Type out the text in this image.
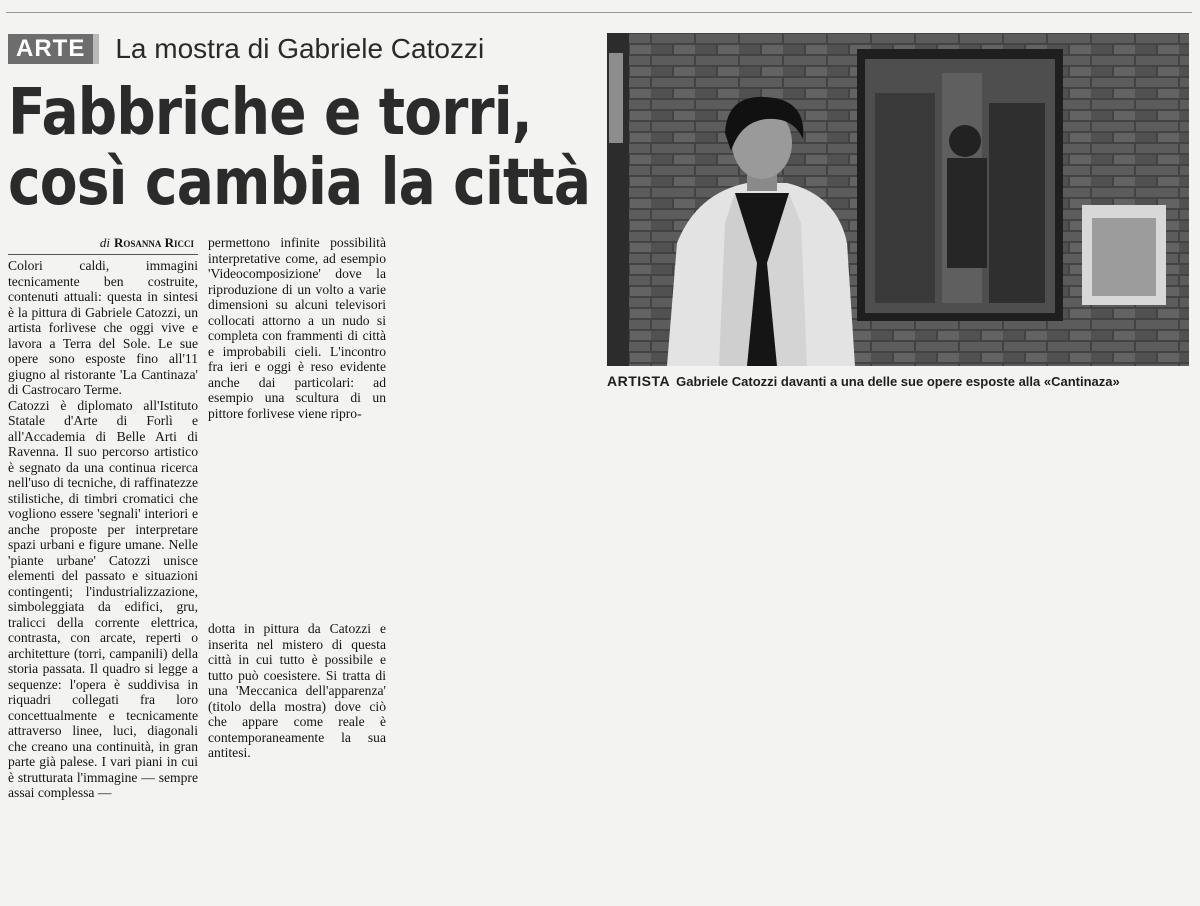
ARTE	La mostra di Gabriele Catozzi
Fabbriche e torri,
così cambia la città
di Rosanna Ricci

Colori caldi, immagini tecnicamente ben costruite, contenuti attuali: questa in sintesi è la pittura di Gabriele Catozzi, un artista forlivese che oggi vive e lavora a Terra del Sole. Le sue opere sono esposte fino all'11 giugno al ristorante 'La Cantinaza' di Castrocaro Terme.
Catozzi è diplomato all'Istituto Statale d'Arte di Forlì e all'Accademia di Belle Arti di Ravenna. Il suo percorso artistico è segnato da una continua ricerca nell'uso di tecniche, di raffinatezze stilistiche, di timbri cromatici che vogliono essere 'segnali' interiori e anche proposte per interpretare spazi urbani e figure umane. Nelle 'piante urbane' Catozzi unisce elementi del passato e situazioni contingenti; l'industrializzazione, simboleggiata da edifici, gru, tralicci della corrente elettrica, contrasta, con arcate, reperti o architetture (torri, campanili) della storia passata. Il quadro si legge a sequenze: l'opera è suddivisa in riquadri collegati fra loro concettualmente e tecnicamente attraverso linee, luci, diagonali che creano una continuità, in gran parte già palese. I vari piani in cui è strutturata l'immagine — sempre assai complessa —

permettono infinite possibilità interpretative come, ad esempio 'Videocomposizione' dove la riproduzione di un volto a varie dimensioni su alcuni televisori collocati attorno a un nudo si completa con frammenti di città e improbabili cieli. L'incontro fra ieri e oggi è reso evidente anche dai particolari: ad esempio una scultura di un pittore forlivese viene ripro-

dotta in pittura da Catozzi e inserita nel mistero di questa città in cui tutto è possibile e tutto può coesistere. Si tratta di una 'Meccanica dell'apparenza' (titolo della mostra) dove ciò che appare come reale è contemporaneamente la sua antitesi.

ARTISTA Gabriele Catozzi davanti a una delle sue opere esposte alla «Cantinaza»
